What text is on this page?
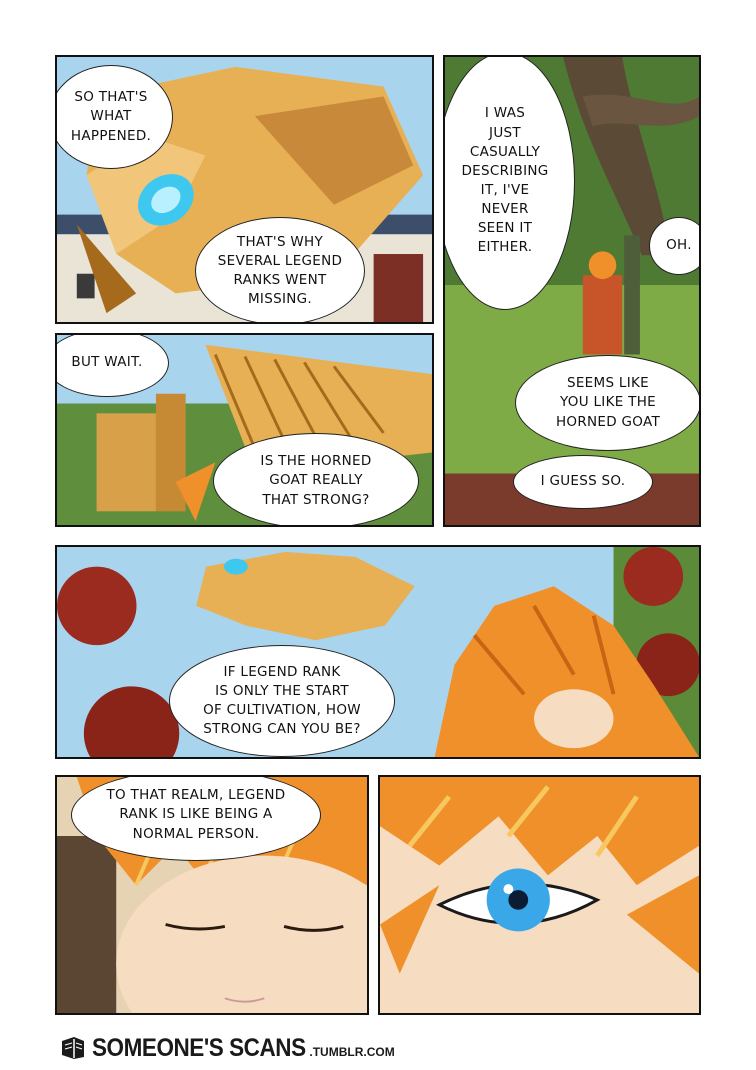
SO THAT'S
WHAT
HAPPENED.
THAT'S WHY
SEVERAL LEGEND
RANKS WENT
MISSING.
I WAS
JUST
CASUALLY
DESCRIBING
IT, I'VE
NEVER
SEEN IT
EITHER.	OH.
SEEMS LIKE
YOU LIKE THE
HORNED GOAT
I GUESS SO.
BUT WAIT.
IS THE HORNED
GOAT REALLY
THAT STRONG?
IF LEGEND RANK
IS ONLY THE START
OF CULTIVATION, HOW
STRONG CAN YOU BE?
TO THAT REALM, LEGEND
RANK IS LIKE BEING A
NORMAL PERSON.
SOMEONE'S SCANS .TUMBLR.COM
